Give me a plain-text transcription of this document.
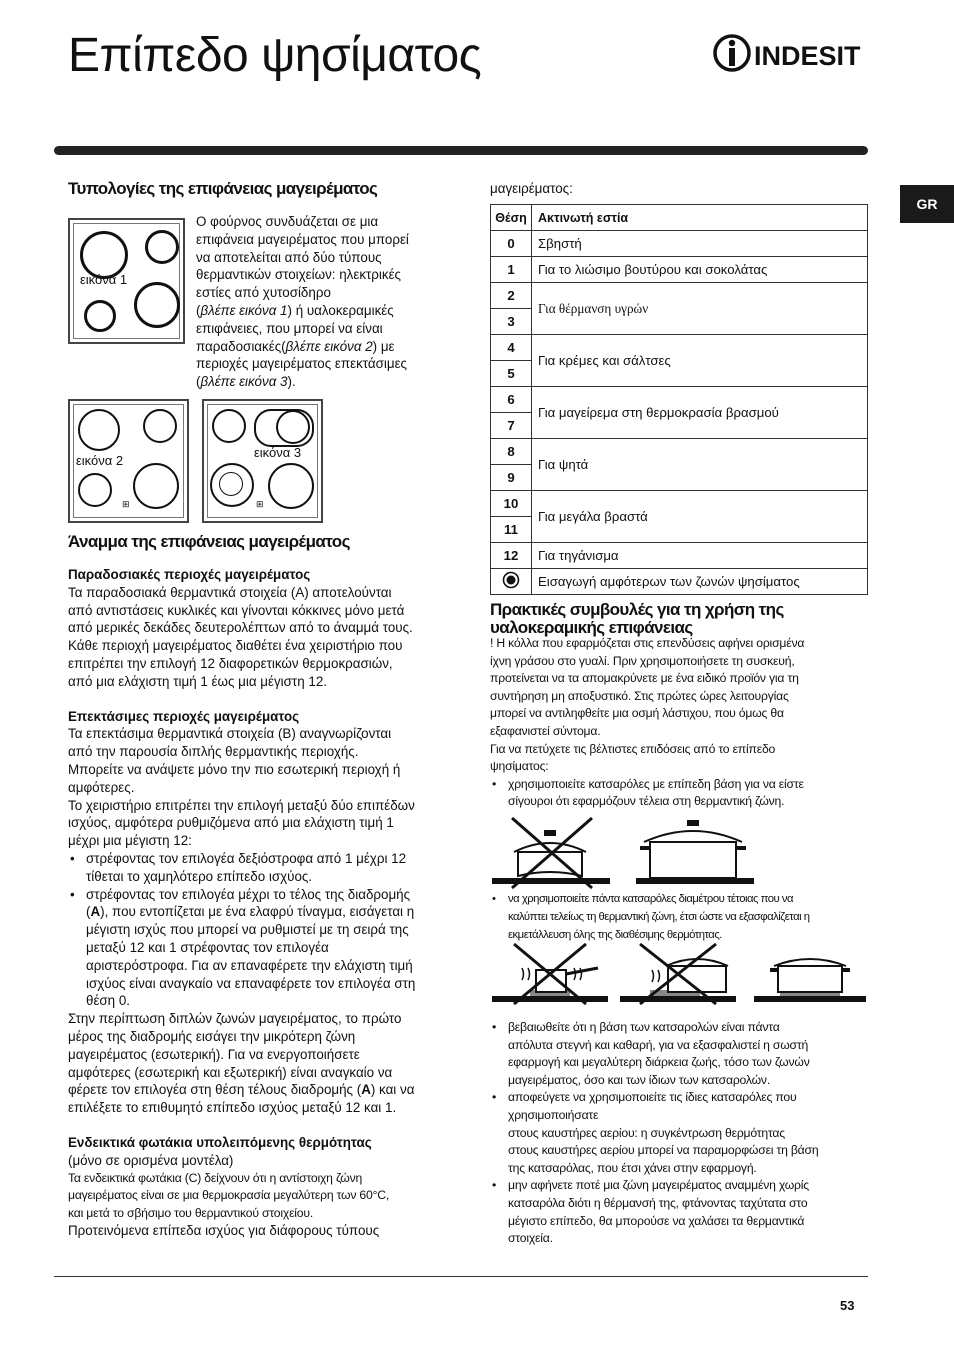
Επίπεδο ψησίματος	INDESIT
GR
Τυπολογίες της επιφάνειας μαγειρέματος
εικόνα 1
Ο φούρνος συνδυάζεται σε μια
επιφάνεια μαγειρέματος που μπορεί
να αποτελείται από δύο τύπους
θερμαντικών στοιχείων: ηλεκτρικές
εστίες από χυτοσίδηρο
(βλέπε εικόνα 1) ή υαλοκεραμικές
επιφάνειες, που μπορεί να είναι
παραδοσιακές(βλέπε εικόνα 2) με
περιοχές μαγειρέματος επεκτάσιμες
(βλέπε εικόνα 3).
⊞
εικόνα 2
⊞
εικόνα 3
Άναμμα της επιφάνειας μαγειρέματος
Παραδοσιακές περιοχές μαγειρέματος
Τα παραδοσιακά θερμαντικά στοιχεία (A) αποτελούνται
από αντιστάσεις κυκλικές και γίνονται κόκκινες μόνο μετά
από μερικές δεκάδες δευτερολέπτων από το άναμμά τους.
Κάθε περιοχή μαγειρέματος διαθέτει ένα χειριστήριο που
επιτρέπει την επιλογή 12 διαφορετικών θερμοκρασιών,
από μια ελάχιστη τιμή 1 έως μια μέγιστη 12.
Επεκτάσιμες περιοχές μαγειρέματος
Τα επεκτάσιμα θερμαντικά στοιχεία (B) αναγνωρίζονται
από την παρουσία διπλής θερμαντικής περιοχής.
Μπορείτε να ανάψετε μόνο την πιο εσωτερική περιοχή ή
αμφότερες.
Το χειριστήριο επιτρέπει την επιλογή μεταξύ δύο επιπέδων
ισχύος, αμφότερα ρυθμιζόμενα από μια ελάχιστη τιμή 1
μέχρι μια μέγιστη 12:
• στρέφοντας τον επιλογέα δεξιόστροφα από 1 μέχρι 12
τίθεται το χαμηλότερο επίπεδο ισχύος.
• στρέφοντας τον επιλογέα μέχρι το τέλος της διαδρομής
(A), που εντοπίζεται με ένα ελαφρύ τίναγμα, εισάγεται η
μέγιστη ισχύς που μπορεί να ρυθμιστεί με τη σειρά της
μεταξύ 12 και 1 στρέφοντας τον επιλογέα
αριστερόστροφα. Για αν επαναφέρετε την ελάχιστη τιμή
ισχύος είναι αναγκαίο να επαναφέρετε τον επιλογέα στη
θέση 0.
Στην περίπτωση διπλών ζωνών μαγειρέματος, το πρώτο
μέρος της διαδρομής εισάγει την μικρότερη ζώνη
μαγειρέματος (εσωτερική). Για να ενεργοποιήσετε
αμφότερες (εσωτερική και εξωτερική) είναι αναγκαίο να
φέρετε τον επιλογέα στη θέση τέλους διαδρομής (A) και να
επιλέξετε το επιθυμητό επίπεδο ισχύος μεταξύ 12 και 1.
Ενδεικτικά φωτάκια υπολειπόμενης θερμότητας
(μόνο σε ορισμένα μοντέλα)
Τα ενδεικτικά φωτάκια (C) δείχνουν ότι η αντίστοιχη ζώνη
μαγειρέματος είναι σε μια θερμοκρασία μεγαλύτερη των 60°C,
και μετά το σβήσιμο του θερμαντικού στοιχείου.
Προτεινόμενα επίπεδα ισχύος για διάφορους τύπους
μαγειρέματος:
Θέση	Ακτινωτή εστία
0	Σβηστή
1	Για το λιώσιμο βουτύρου και σοκολάτας
2	Για θέρμανση υγρών
3	
4	Για κρέμες και σάλτσες
5	
6	Για μαγείρεμα στη θερμοκρασία βρασμού
7	
8	Για ψητά
9	
10	Για μεγάλα βραστά
11	
12	Για τηγάνισμα
	Εισαγωγή αμφότερων των ζωνών ψησίματος
Πρακτικές συμβουλές για τη χρήση της
υαλοκεραμικής επιφάνειας
! Η κόλλα που εφαρμόζεται στις επενδύσεις αφήνει ορισμένα
ίχνη γράσου στο γυαλί. Πριν χρησιμοποιήσετε τη συσκευή,
προτείνεται να τα απομακρύνετε με ένα ειδικό προϊόν για τη
συντήρηση μη αποξυστικό. Στις πρώτες ώρες λειτουργίας
μπορεί να αντιληφθείτε μια οσμή λάστιχου, που όμως θα
εξαφανιστεί σύντομα.
Για να πετύχετε τις βέλτιστες επιδόσεις από το επίπεδο
ψησίματος:
• χρησιμοποιείτε κατσαρόλες με επίπεδη βάση για να είστε
σίγουροι ότι εφαρμόζουν τέλεια στη θερμαντική ζώνη.
• να χρησιμοποιείτε πάντα κατσαρόλες διαμέτρου τέτοιας που να
καλύπτει τελείως τη θερμαντική ζώνη, έτσι ώστε να εξασφαλίζεται η
εκμετάλλευση όλης της διαθέσιμης θερμότητας.
• βεβαιωθείτε ότι η βάση των κατσαρολών είναι πάντα
απόλυτα στεγνή και καθαρή, για να εξασφαλιστεί η σωστή
εφαρμογή και μεγαλύτερη διάρκεια ζωής, τόσο των ζωνών
μαγειρέματος, όσο και των ίδιων των κατσαρολών.
• αποφεύγετε να χρησιμοποιείτε τις ίδιες κατσαρόλες που
χρησιμοποιήσατε
στους καυστήρες αερίου: η συγκέντρωση θερμότητας
στους καυστήρες αερίου μπορεί να παραμορφώσει τη βάση
της κατσαρόλας, που έτσι χάνει στην εφαρμογή.
• μην αφήνετε ποτέ μια ζώνη μαγειρέματος αναμμένη χωρίς
κατσαρόλα διότι η θέρμανσή της, φτάνοντας ταχύτατα στο
μέγιστο επίπεδο, θα μπορούσε να χαλάσει τα θερμαντικά
στοιχεία.
53
